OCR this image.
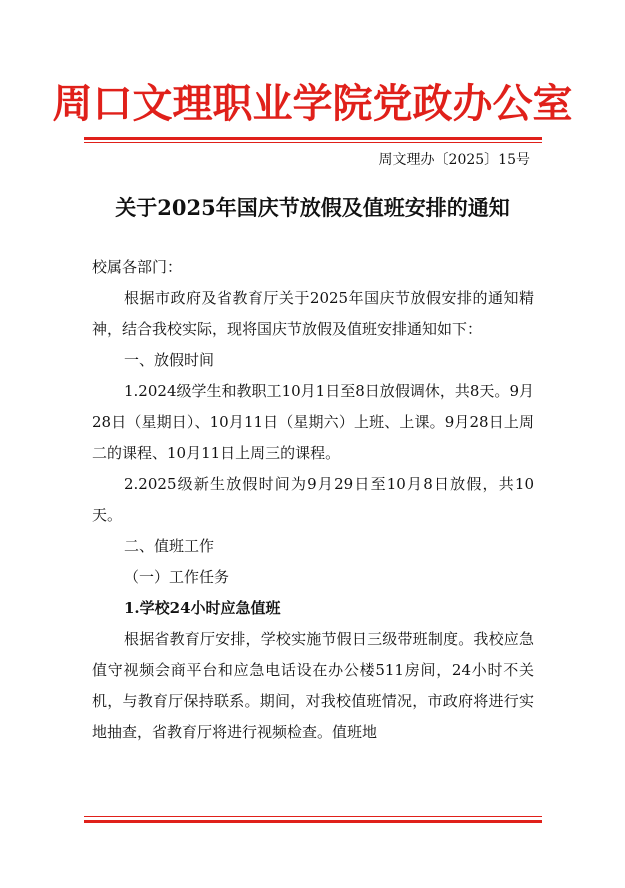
周口文理职业学院党政办公室
周文理办〔2025〕15号
关于2025年国庆节放假及值班安排的通知

校属各部门：

根据市政府及省教育厅关于2025年国庆节放假安排的通知精神，结合我校实际，现将国庆节放假及值班安排通知如下：

一、放假时间

1.2024级学生和教职工10月1日至8日放假调休，共8天。9月28日（星期日）、10月11日（星期六）上班、上课。9月28日上周二的课程、10月11日上周三的课程。

2.2025级新生放假时间为9月29日至10月8日放假，共10天。

二、值班工作

（一）工作任务

1.学校24小时应急值班

根据省教育厅安排，学校实施节假日三级带班制度。我校应急值守视频会商平台和应急电话设在办公楼511房间，24小时不关机，与教育厅保持联系。期间，对我校值班情况，市政府将进行实地抽查，省教育厅将进行视频检查。值班地
